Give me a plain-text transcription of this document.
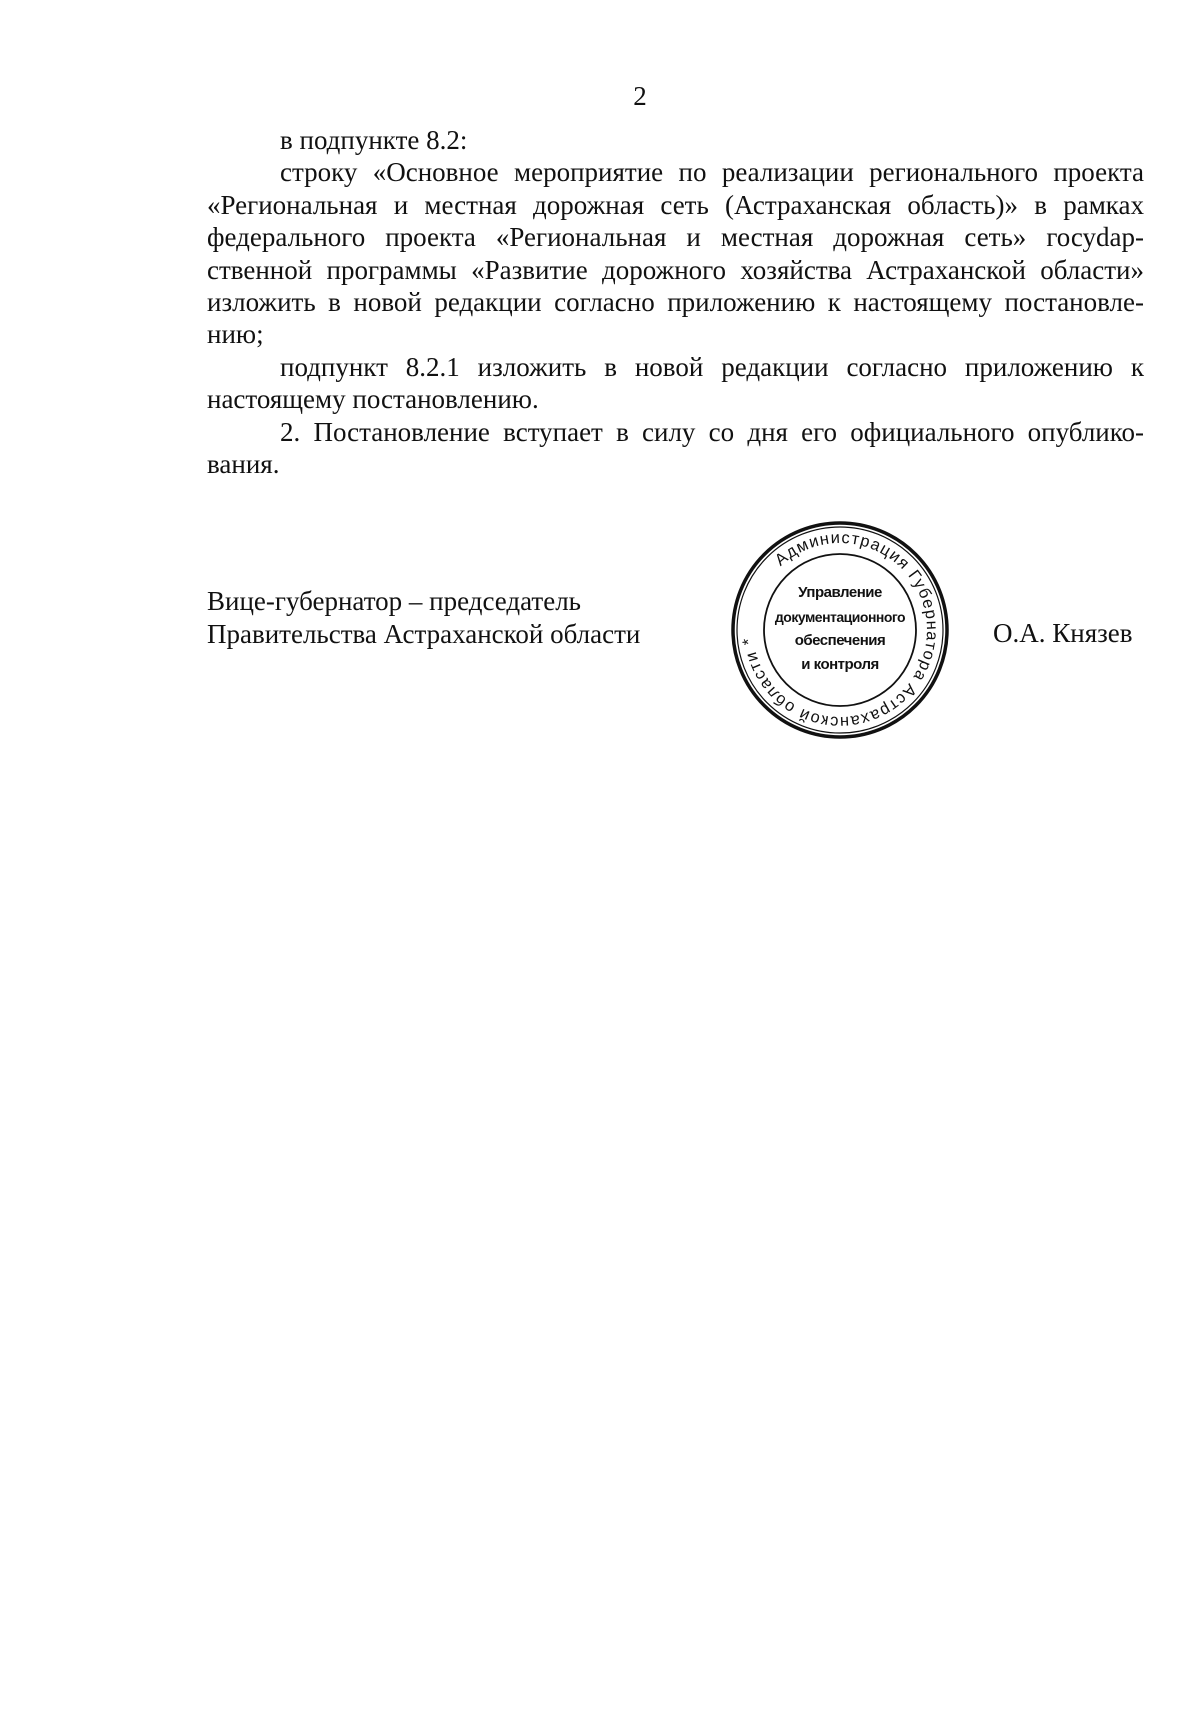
2

в подпункте 8.2:

строку «Основное мероприятие по реализации регионального проекта «Региональная и местная дорожная сеть (Астраханская область)» в рамках федерального проекта «Региональная и местная дорожная сеть» госуdарственной программы «Развитие дорожного хозяйства Астраханской области» изложить в новой редакции согласно приложению к настоящему постановлению;

подпункт 8.2.1 изложить в новой редакции согласно приложению к настоящему постановлению.

2. Постановление вступает в силу со дня его официального опубликования.

Вице-губернатор – председатель
Правительства Астраханской области	О.А. Князев
Администрация Губернатора Астраханской области *
Управление
документационного
обеспечения
и контроля
